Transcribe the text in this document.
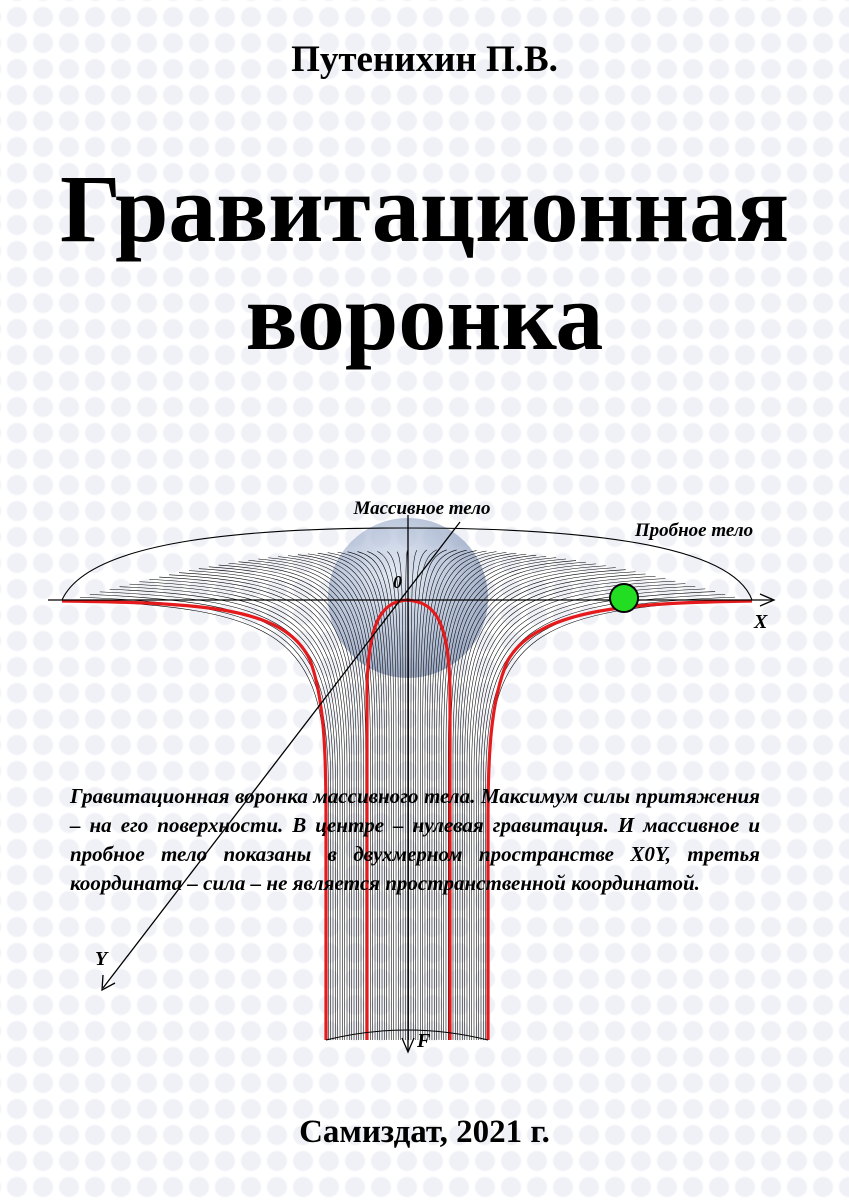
Путенихин П.В.
Гравитационная
воронка
Массивное тело
Пробное тело
0
X
Y
F

Гравитационная воронка массивного тела. Максимум силы притяжения – на его поверхности. В центре – нулевая гравитация. И массивное и пробное тело показаны в двухмерном пространстве X0Y, третья координата – сила – не является пространственной координатой.

Самиздат, 2021 г.
